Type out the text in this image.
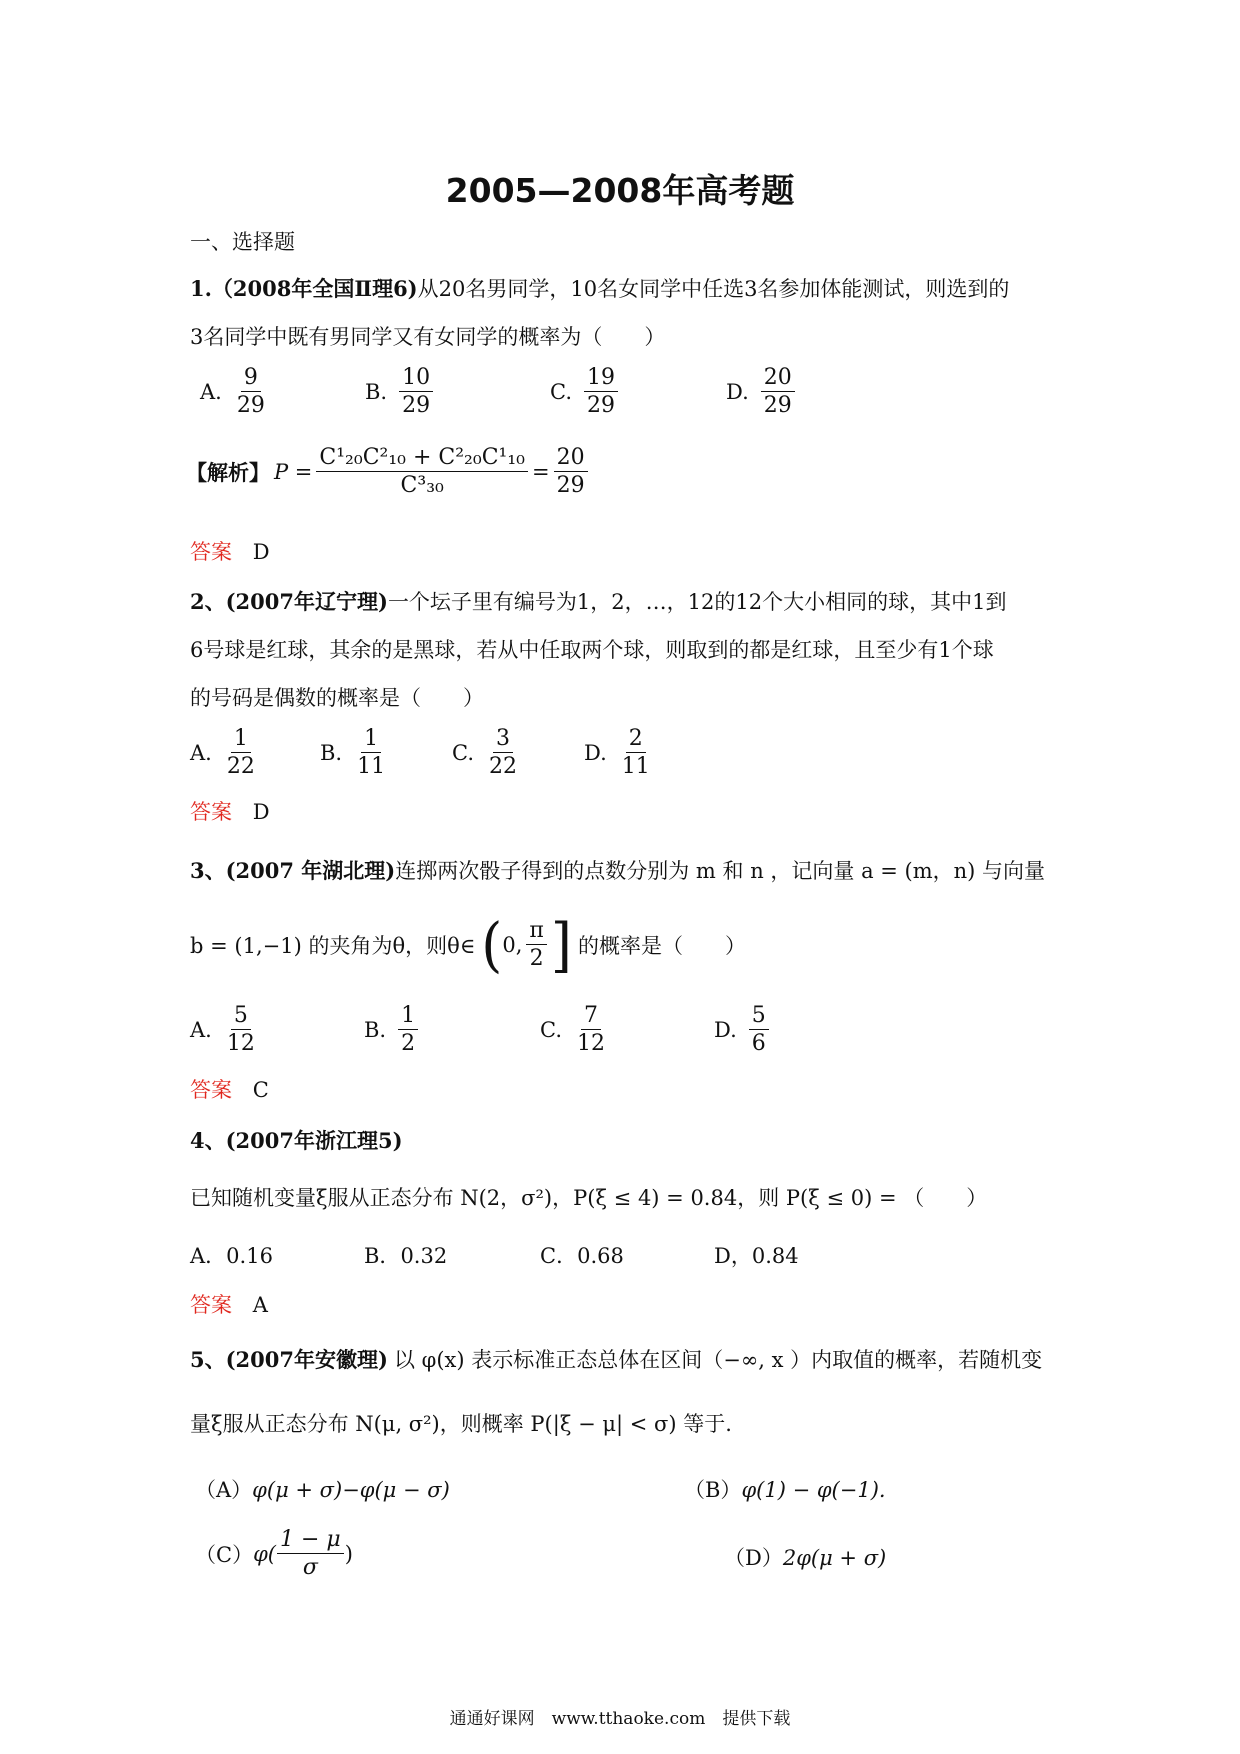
2005—2008年高考题
一、选择题
1.（2008年全国Ⅱ理6)从20名男同学，10名女同学中任选3名参加体能测试，则选到的
3名同学中既有男同学又有女同学的概率为（　　）
A. $\frac{9}{29}$	B. $\frac{10}{29}$	C. $\frac{19}{29}$	D. $\frac{20}{29}$
【解析】 $P = \frac{\text{C¹₂₀C²₁₀ + C²₂₀C¹₁₀}}{\text{C³₃₀}} = \frac{20}{29}$
答案 D
2、(2007年辽宁理)一个坛子里有编号为1，2，…，12的12个大小相同的球，其中1到
6号球是红球，其余的是黑球，若从中任取两个球，则取到的都是红球，且至少有1个球
的号码是偶数的概率是（　　）
A. $\frac{1}{22}$	B. $\frac{1}{11}$	C. $\frac{3}{22}$	D. $\frac{2}{11}$
答案 D
3、(2007 年湖北理)连掷两次骰子得到的点数分别为 m 和 n ，记向量 a = (m，n) 与向量
b = (1,−1) 的夹角为θ，则θ∈ ( 0, $\frac{\pi}{2}$ ] 的概率是（　　）
A. $\frac{5}{12}$	B. $\frac{1}{2}$	C. $\frac{7}{12}$	D. $\frac{5}{6}$
答案 C
4、(2007年浙江理5)
已知随机变量ξ服从正态分布 N(2，σ²)，P(ξ ≤ 4) = 0.84，则 P(ξ ≤ 0) = （　　）
A．0.16	B．0.32	C．0.68	D，0.84
答案 A
5、(2007年安徽理) 以 φ(x) 表示标准正态总体在区间（−∞, x ）内取值的概率，若随机变
量ξ服从正态分布 N(μ, σ²)，则概率 P(|ξ − μ| < σ) 等于.
（A）φ(μ + σ)−φ(μ − σ)	（B）φ(1) − φ(−1).
（C） $\varphi( \frac{1 - \mu}{\sigma}$ )	（D）2φ(μ + σ)
通通好课网　www.tthaoke.com　提供下载
